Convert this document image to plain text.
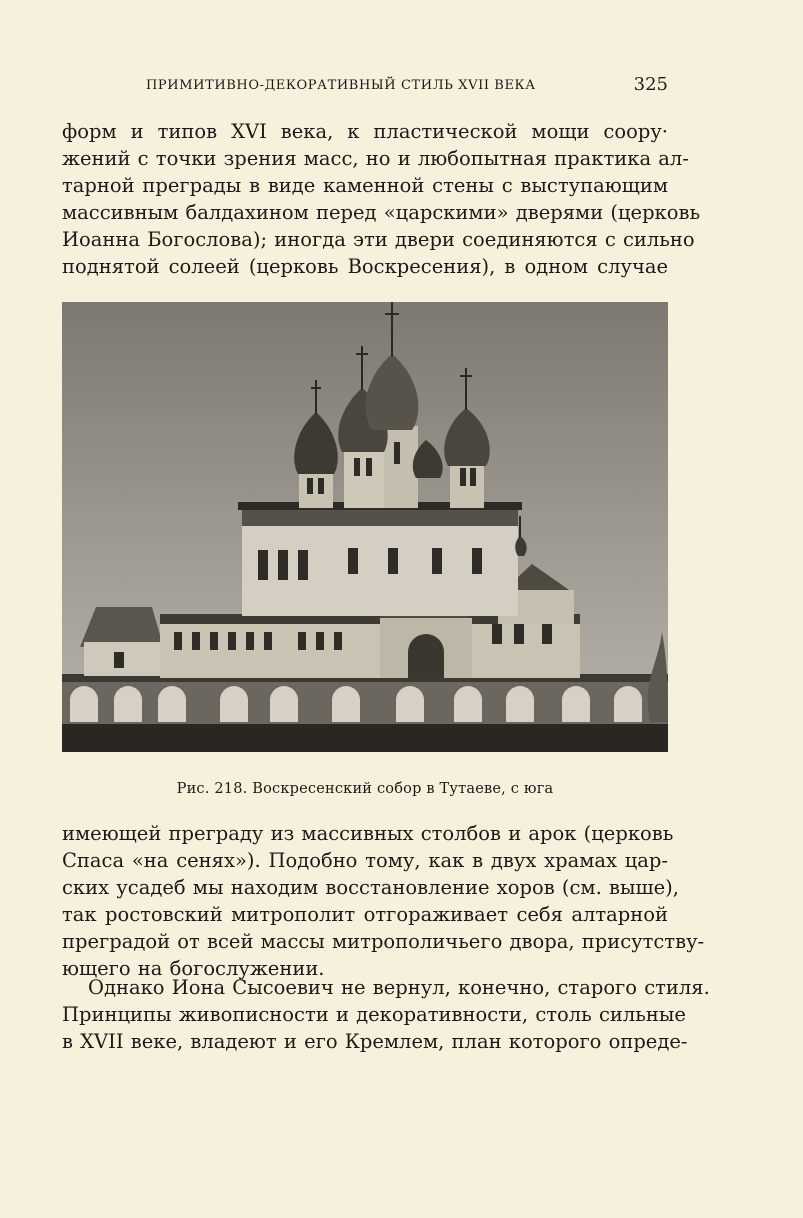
ПРИМИТИВНО-ДЕКОРАТИВНЫЙ СТИЛЬ XVII ВЕКА	325
форм и типов XVI века, к пластической мощи соору·
жений с точки зрения масс, но и любопытная практика ал-
тарной преграды в виде каменной стены с выступающим
массивным балдахином перед «царскими» дверями (церковь
Иоанна Богослова); иногда эти двери соединяются с сильно
поднятой солеей (церковь Воскресения), в одном случае
Рис. 218. Воскресенский собор в Тутаеве, с юга
имеющей преграду из массивных столбов и арок (церковь
Спаса «на сенях»). Подобно тому, как в двух храмах цар-
ских усадеб мы находим восстановление хоров (см. выше),
так ростовский митрополит отгораживает себя алтарной
преградой от всей массы митрополичьего двора, присутству-
ющего на богослужении.
Однако Иона Сысоевич не вернул, конечно, старого стиля.
Принципы живописности и декоративности, столь сильные
в XVII веке, владеют и его Кремлем, план которого опреде-
